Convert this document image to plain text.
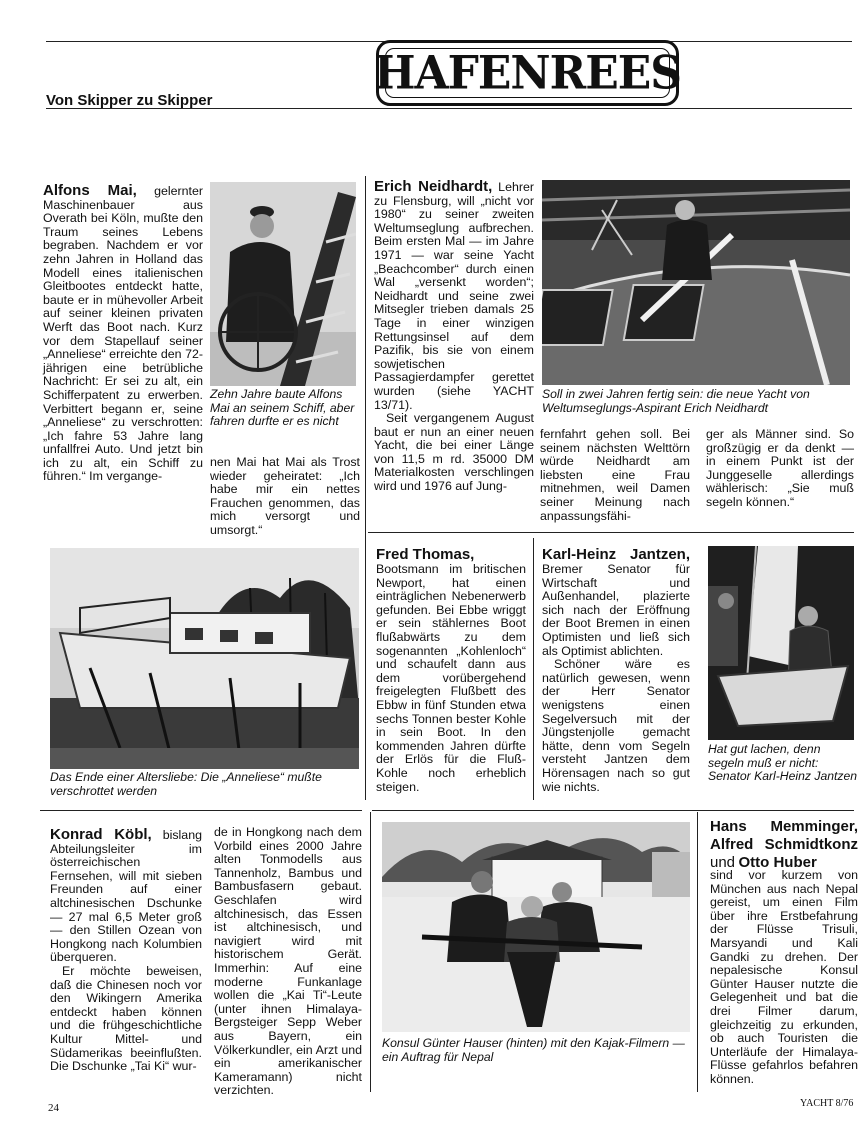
Von Skipper zu Skipper
HAFENREES

Alfons Mai, gelernter Maschinenbauer aus Overath bei Köln, mußte den Traum seines Lebens begraben. Nachdem er vor zehn Jahren in Holland das Modell eines italienischen Gleitbootes entdeckt hatte, baute er in mühevoller Arbeit auf seiner kleinen privaten Werft das Boot nach. Kurz vor dem Stapellauf seiner „Anneliese“ erreichte den 72-jährigen eine betrübliche Nachricht: Er sei zu alt, ein Schifferpatent zu erwerben. Verbittert begann er, seine „Anneliese“ zu verschrotten: „Ich fahre 53 Jahre lang unfallfrei Auto. Und jetzt bin ich zu alt, ein Schiff zu führen.“ Im vergange-

Zehn Jahre baute Alfons Mai an seinem Schiff, aber fahren durfte er es nicht

nen Mai hat Mai als Trost wieder geheiratet: „Ich habe mir ein nettes Frauchen genommen, das mich versorgt und umsorgt.“

Das Ende einer Altersliebe: Die „Anneliese“ mußte verschrottet werden

Erich Neidhardt, Lehrer zu Flensburg, will „nicht vor 1980“ zu seiner zweiten Weltumseglung aufbrechen. Beim ersten Mal — im Jahre 1971 — war seine Yacht „Beachcomber“ durch einen Wal „versenkt worden“; Neidhardt und seine zwei Mitsegler trieben damals 25 Tage in einer winzigen Rettungsinsel auf dem Pazifik, bis sie von einem sowjetischen Passagierdampfer gerettet wurden (siehe YACHT 13/71).

Seit vergangenem August baut er nun an einer neuen Yacht, die bei einer Länge von 11,5 m rd. 35000 DM Materialkosten verschlingen wird und 1976 auf Jung-

Soll in zwei Jahren fertig sein: die neue Yacht von Weltumseglungs-Aspirant Erich Neidhardt

fernfahrt gehen soll. Bei seinem nächsten Welttörn würde Neidhardt am liebsten eine Frau mitnehmen, weil Damen seiner Meinung nach anpassungsfähi-

ger als Männer sind. So großzügig er da denkt — in einem Punkt ist der Junggeselle allerdings wählerisch: „Sie muß segeln können.“

Fred Thomas,

Bootsmann im britischen Newport, hat einen einträglichen Nebenerwerb gefunden. Bei Ebbe wriggt er sein stählernes Boot flußabwärts zu dem sogenannten „Kohlenloch“ und schaufelt dann aus dem vorübergehend freigelegten Flußbett des Ebbw in fünf Stunden etwa sechs Tonnen bester Kohle in sein Boot. In den kommenden Jahren dürfte der Erlös für die Fluß-Kohle noch erheblich steigen.

Karl-Heinz Jantzen, Bremer Senator für Wirtschaft und Außenhandel, plazierte sich nach der Eröffnung der Boot Bremen in einen Optimisten und ließ sich als Optimist ablichten.

Schöner wäre es natürlich gewesen, wenn der Herr Senator wenigstens einen Segelversuch mit der Jüngstenjolle gemacht hätte, denn vom Segeln versteht Jantzen dem Hörensagen nach so gut wie nichts.

Hat gut lachen, denn segeln muß er nicht: Senator Karl-Heinz Jantzen

Konrad Köbl, bislang Abteilungsleiter im österreichischen Fernsehen, will mit sieben Freunden auf einer altchinesischen Dschunke — 27 mal 6,5 Meter groß — den Stillen Ozean von Hongkong nach Kolumbien überqueren.

Er möchte beweisen, daß die Chinesen noch vor den Wikingern Amerika entdeckt haben können und die frühgeschichtliche Kultur Mittel- und Südamerikas beeinflußten. Die Dschunke „Tai Ki“ wur-

de in Hongkong nach dem Vorbild eines 2000 Jahre alten Tonmodells aus Tannenholz, Bambus und Bambusfasern gebaut. Geschlafen wird altchinesisch, das Essen ist altchinesisch, und navigiert wird mit historischem Gerät. Immerhin: Auf eine moderne Funkanlage wollen die „Kai Ti“-Leute (unter ihnen Himalaya-Bergsteiger Sepp Weber aus Bayern, ein Völkerkundler, ein Arzt und ein amerikanischer Kameramann) nicht verzichten.

Konsul Günter Hauser (hinten) mit den Kajak-Filmern — ein Auftrag für Nepal

Hans Memminger, Alfred Schmidtkonz und Otto Huber

sind vor kurzem von München aus nach Nepal gereist, um einen Film über ihre Erstbefahrung der Flüsse Trisuli, Marsyandi und Kali Gandki zu drehen. Der nepalesische Konsul Günter Hauser nutzte die Gelegenheit und bat die drei Filmer darum, gleichzeitig zu erkunden, ob auch Touristen die Unterläufe der Himalaya-Flüsse gefahrlos befahren können.

24	YACHT 8/76
